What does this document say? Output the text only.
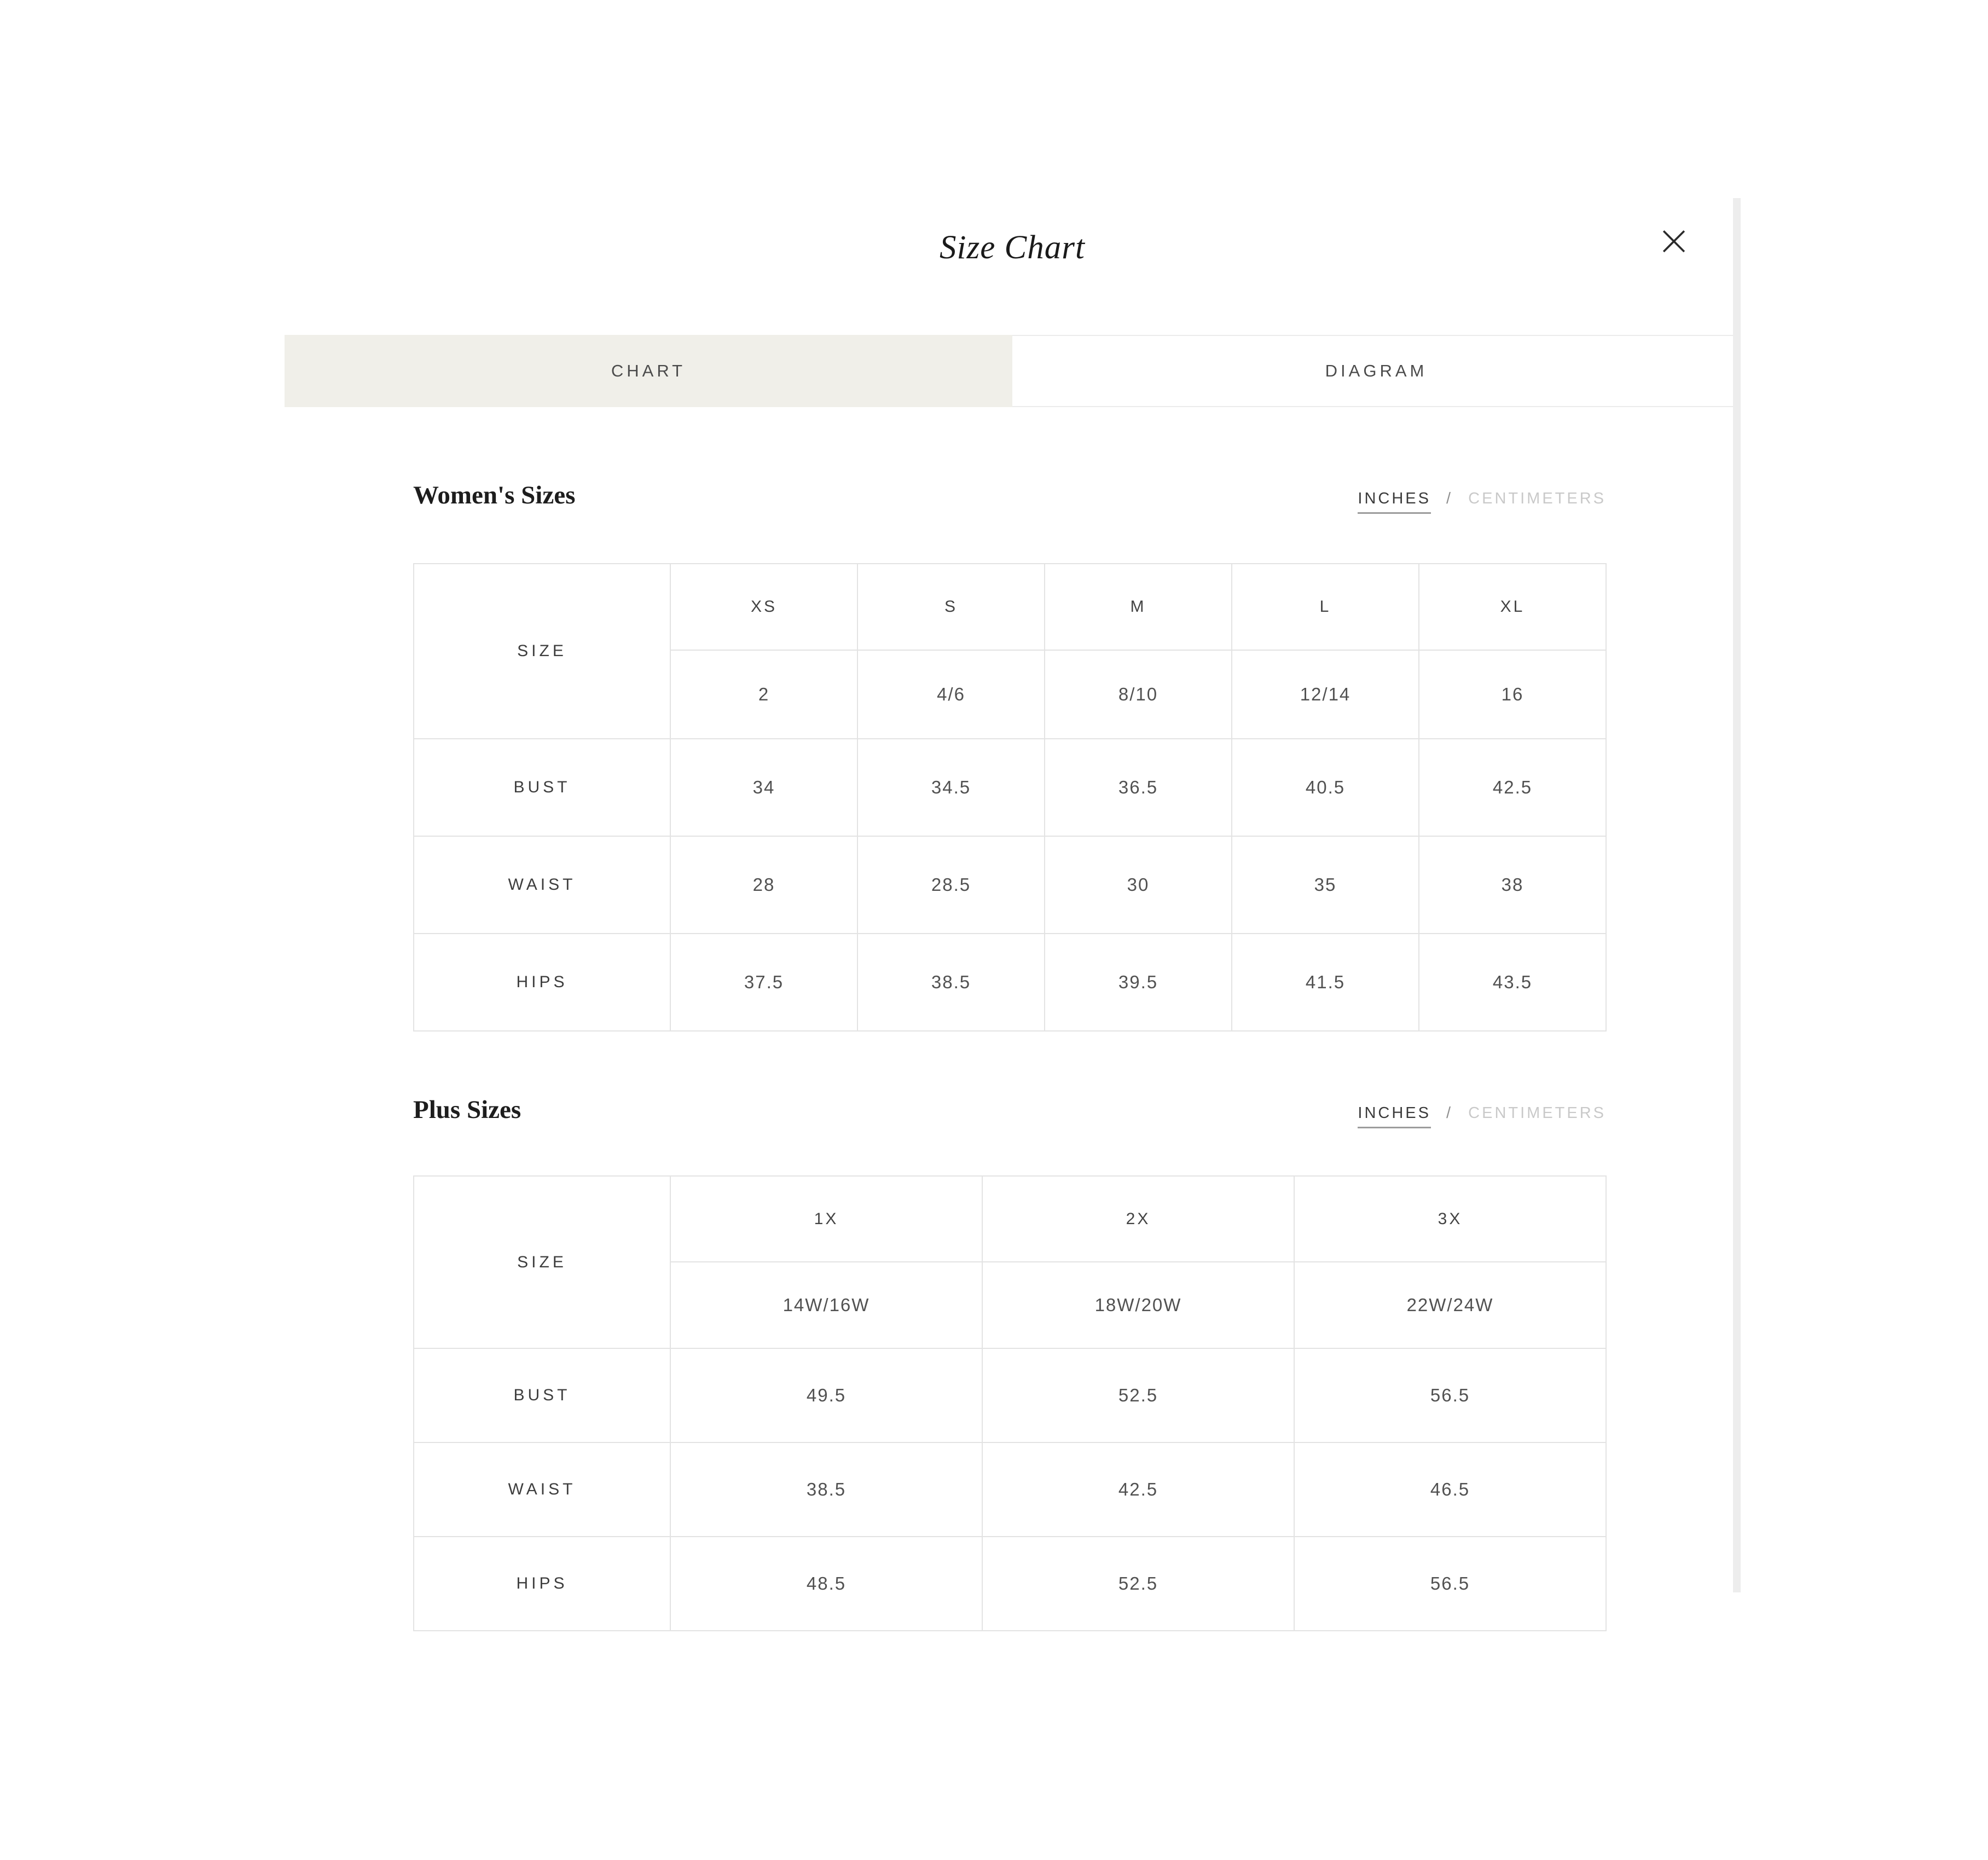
Size Chart
CHART	DIAGRAM
Women's Sizes	INCHES / CENTIMETERS
SIZE	XS	S	M	L	XL
	2	4/6	8/10	12/14	16
BUST	34	34.5	36.5	40.5	42.5
WAIST	28	28.5	30	35	38
HIPS	37.5	38.5	39.5	41.5	43.5
Plus Sizes	INCHES / CENTIMETERS
SIZE	1X	2X	3X
	14W/16W	18W/20W	22W/24W
BUST	49.5	52.5	56.5
WAIST	38.5	42.5	46.5
HIPS	48.5	52.5	56.5
